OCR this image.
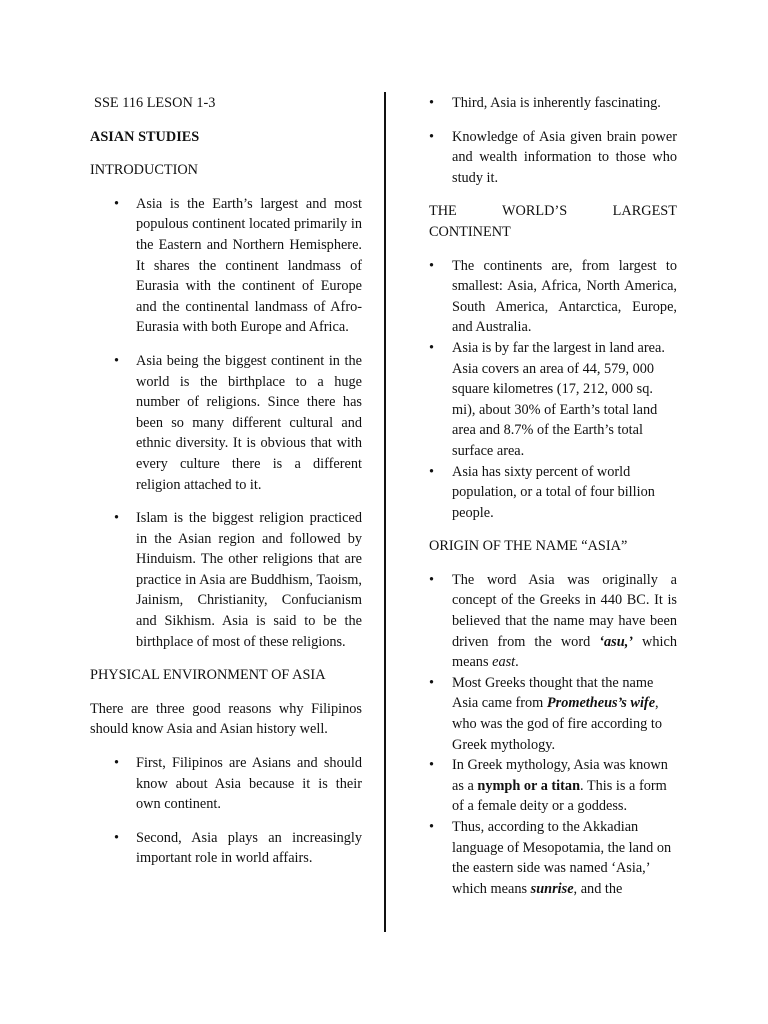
SSE 116 LESON 1-3

ASIAN STUDIES

INTRODUCTION

• Asia is the Earth’s largest and most populous continent located primarily in the Eastern and Northern Hemisphere. It shares the continent landmass of Eurasia with the continent of Europe and the continental landmass of Afro-Eurasia with both Europe and Africa.
• Asia being the biggest continent in the world is the birthplace to a huge number of religions. Since there has been so many different cultural and ethnic diversity. It is obvious that with every culture there is a different religion attached to it.
• Islam is the biggest religion practiced in the Asian region and followed by Hinduism. The other religions that are practice in Asia are Buddhism, Taoism, Jainism, Christianity, Confucianism and Sikhism. Asia is said to be the birthplace of most of these religions.

PHYSICAL ENVIRONMENT OF ASIA

There are three good reasons why Filipinos should know Asia and Asian history well.

• First, Filipinos are Asians and should know about Asia because it is their own continent.
• Second, Asia plays an increasingly important role in world affairs.
• Third, Asia is inherently fascinating.
• Knowledge of Asia given brain power and wealth information to those who study it.

THE WORLD’S LARGEST CONTINENT

• The continents are, from largest to smallest: Asia, Africa, North America, South America, Antarctica, Europe, and Australia.
• Asia is by far the largest in land area. Asia covers an area of 44, 579, 000 square kilometres (17, 212, 000 sq. mi), about 30% of Earth’s total land area and 8.7% of the Earth’s total surface area.
• Asia has sixty percent of world population, or a total of four billion people.

ORIGIN OF THE NAME “ASIA”

• The word Asia was originally a concept of the Greeks in 440 BC. It is believed that the name may have been driven from the word ‘asu,’ which means east.
• Most Greeks thought that the name Asia came from Prometheus’s wife, who was the god of fire according to Greek mythology.
• In Greek mythology, Asia was known as a nymph or a titan. This is a form of a female deity or a goddess.
• Thus, according to the Akkadian language of Mesopotamia, the land on the eastern side was named ‘Asia,’ which means sunrise, and the
